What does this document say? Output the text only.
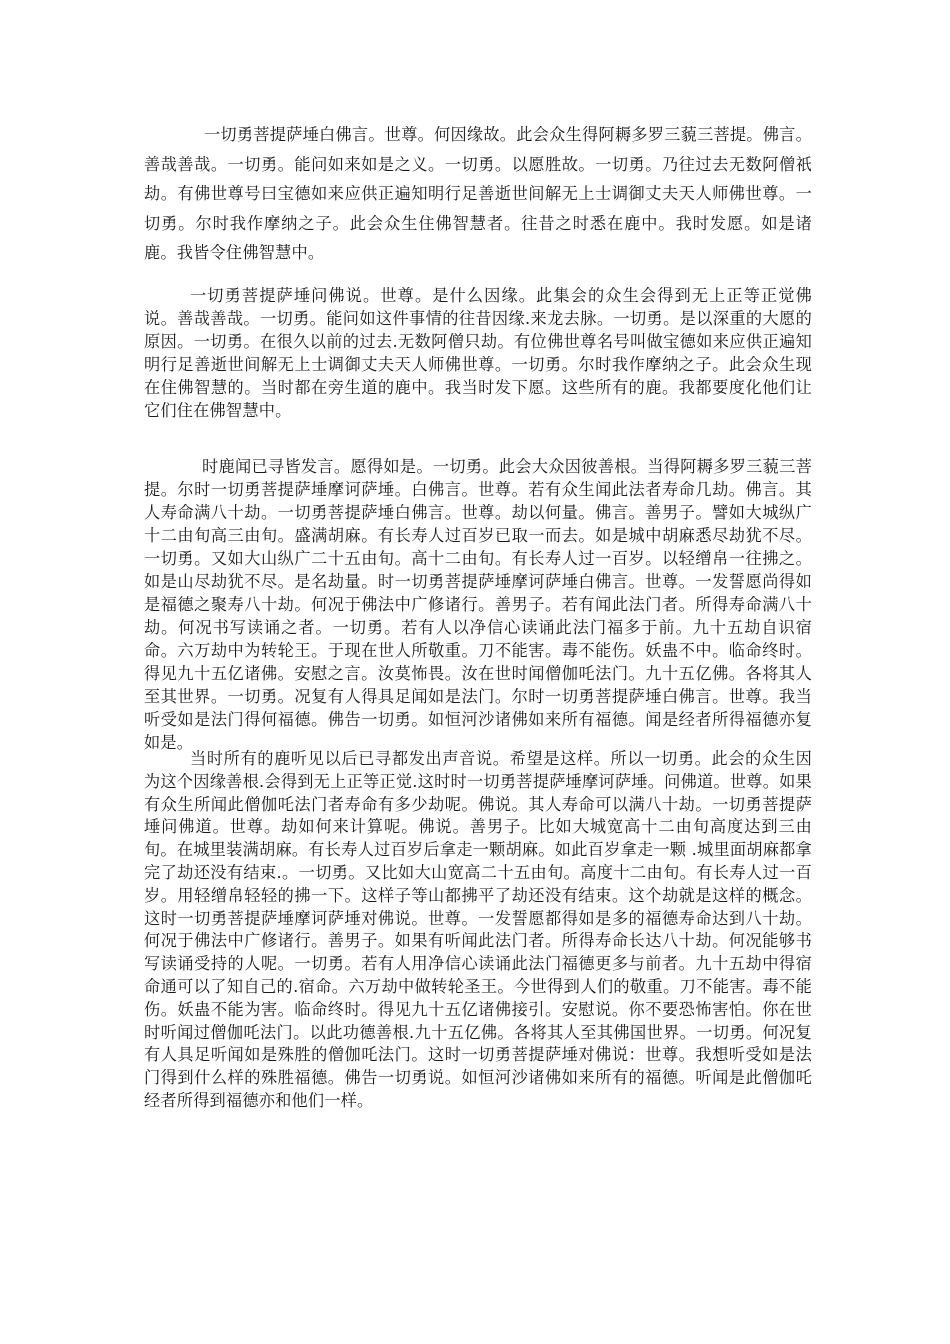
一切勇菩提萨埵白佛言。世尊。何因缘故。此会众生得阿耨多罗三藐三菩提。佛言。善哉善哉。一切勇。能问如来如是之义。一切勇。以愿胜故。一切勇。乃往过去无数阿僧祇劫。有佛世尊号曰宝德如来应供正遍知明行足善逝世间解无上士调御丈夫天人师佛世尊。一切勇。尔时我作摩纳之子。此会众生住佛智慧者。往昔之时悉在鹿中。我时发愿。如是诸鹿。我皆令住佛智慧中。

一切勇菩提萨埵问佛说。世尊。是什么因缘。此集会的众生会得到无上正等正觉佛说。善哉善哉。一切勇。能问如这件事情的往昔因缘.来龙去脉。一切勇。是以深重的大愿的原因。一切勇。在很久以前的过去.无数阿僧只劫。有位佛世尊名号叫做宝德如来应供正遍知明行足善逝世间解无上士调御丈夫天人师佛世尊。一切勇。尔时我作摩纳之子。此会众生现在住佛智慧的。当时都在旁生道的鹿中。我当时发下愿。这些所有的鹿。我都要度化他们让它们住在佛智慧中。

时鹿闻已寻皆发言。愿得如是。一切勇。此会大众因彼善根。当得阿耨多罗三藐三菩提。尔时一切勇菩提萨埵摩诃萨埵。白佛言。世尊。若有众生闻此法者寿命几劫。佛言。其人寿命满八十劫。一切勇菩提萨埵白佛言。世尊。劫以何量。佛言。善男子。譬如大城纵广十二由旬高三由旬。盛满胡麻。有长寿人过百岁已取一而去。如是城中胡麻悉尽劫犹不尽。一切勇。又如大山纵广二十五由旬。高十二由旬。有长寿人过一百岁。以轻缯帛一往拂之。如是山尽劫犹不尽。是名劫量。时一切勇菩提萨埵摩诃萨埵白佛言。世尊。一发誓愿尚得如是福德之聚寿八十劫。何况于佛法中广修诸行。善男子。若有闻此法门者。所得寿命满八十劫。何况书写读诵之者。一切勇。若有人以净信心读诵此法门福多于前。九十五劫自识宿命。六万劫中为转轮王。于现在世人所敬重。刀不能害。毒不能伤。妖蛊不中。临命终时。得见九十五亿诸佛。安慰之言。汝莫怖畏。汝在世时闻僧伽吒法门。九十五亿佛。各将其人至其世界。一切勇。况复有人得具足闻如是法门。尔时一切勇菩提萨埵白佛言。世尊。我当听受如是法门得何福德。佛告一切勇。如恒河沙诸佛如来所有福德。闻是经者所得福德亦复如是。

当时所有的鹿听见以后已寻都发出声音说。希望是这样。所以一切勇。此会的众生因为这个因缘善根.会得到无上正等正觉.这时时一切勇菩提萨埵摩诃萨埵。问佛道。世尊。如果有众生所闻此僧伽吒法门者寿命有多少劫呢。佛说。其人寿命可以满八十劫。一切勇菩提萨埵问佛道。世尊。劫如何来计算呢。佛说。善男子。比如大城宽高十二由旬高度达到三由旬。在城里装满胡麻。有长寿人过百岁后拿走一颗胡麻。如此百岁拿走一颗 .城里面胡麻都拿完了劫还没有结束.。一切勇。又比如大山宽高二十五由旬。高度十二由旬。有长寿人过一百岁。用轻缯帛轻轻的拂一下。这样子等山都拂平了劫还没有结束。这个劫就是这样的概念。这时一切勇菩提萨埵摩诃萨埵对佛说。世尊。一发誓愿都得如是多的福德寿命达到八十劫。何况于佛法中广修诸行。善男子。如果有听闻此法门者。所得寿命长达八十劫。何况能够书写读诵受持的人呢。一切勇。若有人用净信心读诵此法门福德更多与前者。九十五劫中得宿命通可以了知自己的.宿命。六万劫中做转轮圣王。今世得到人们的敬重。刀不能害。毒不能伤。妖蛊不能为害。临命终时。得见九十五亿诸佛接引。安慰说。你不要恐怖害怕。你在世时听闻过僧伽吒法门。以此功德善根.九十五亿佛。各将其人至其佛国世界。一切勇。何况复有人具足听闻如是殊胜的僧伽吒法门。这时一切勇菩提萨埵对佛说：世尊。我想听受如是法门得到什么样的殊胜福德。佛告一切勇说。如恒河沙诸佛如来所有的福德。听闻是此僧伽吒经者所得到福德亦和他们一样。
